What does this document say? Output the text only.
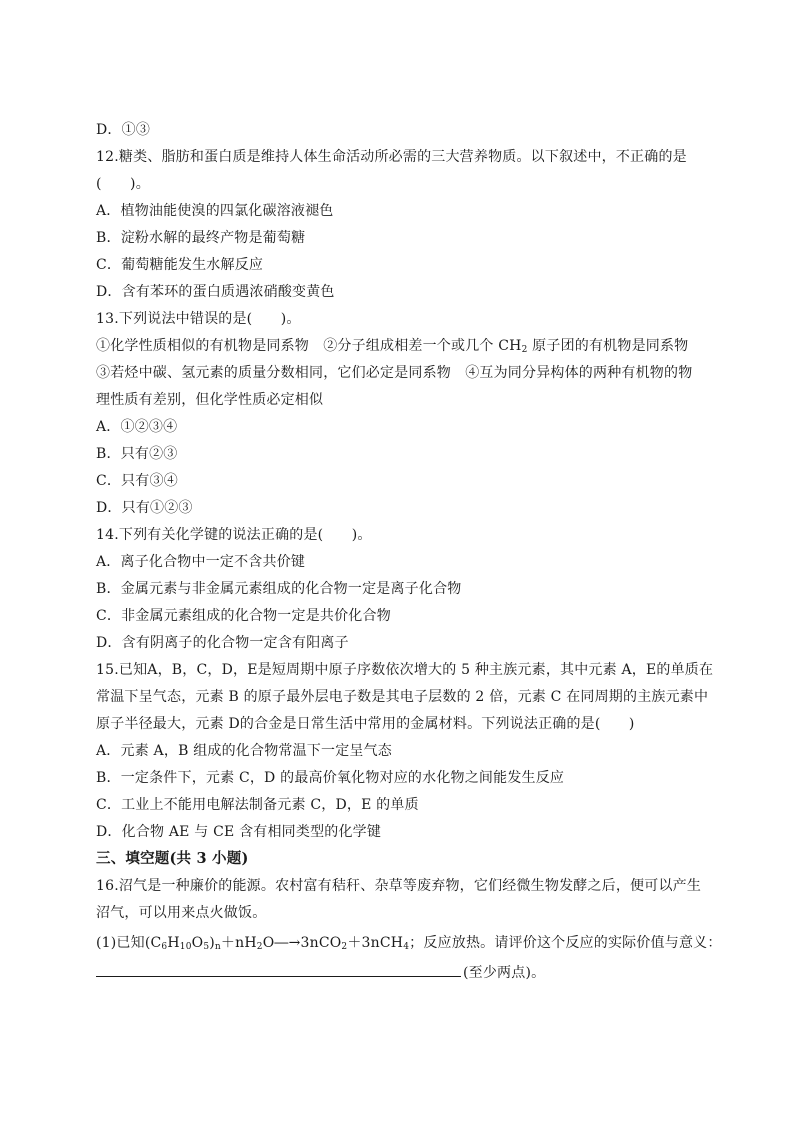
D．①③
12.糖类、脂肪和蛋白质是维持人体生命活动所必需的三大营养物质。以下叙述中，不正确的是
(　　)。
A．植物油能使溴的四氯化碳溶液褪色
B．淀粉水解的最终产物是葡萄糖
C．葡萄糖能发生水解反应
D．含有苯环的蛋白质遇浓硝酸变黄色
13.下列说法中错误的是(　　)。
①化学性质相似的有机物是同系物　②分子组成相差一个或几个 $CH_2$ 原子团的有机物是同系物
③若烃中碳、氢元素的质量分数相同，它们必定是同系物　④互为同分异构体的两种有机物的物
理性质有差别，但化学性质必定相似
A．①②③④
B．只有②③
C．只有③④
D．只有①②③
14.下列有关化学键的说法正确的是(　　)。
A．离子化合物中一定不含共价键
B．金属元素与非金属元素组成的化合物一定是离子化合物
C．非金属元素组成的化合物一定是共价化合物
D．含有阴离子的化合物一定含有阳离子
15.已知A，B，C，D，E是短周期中原子序数依次增大的 5 种主族元素，其中元素 A，E的单质在
常温下呈气态，元素 B 的原子最外层电子数是其电子层数的 2 倍，元素 C 在同周期的主族元素中
原子半径最大，元素 D的合金是日常生活中常用的金属材料。下列说法正确的是(　　)
A．元素 A，B 组成的化合物常温下一定呈气态
B．一定条件下，元素 C，D 的最高价氧化物对应的水化物之间能发生反应
C．工业上不能用电解法制备元素 C，D，E 的单质
D．化合物 AE 与 CE 含有相同类型的化学键
三、填空题(共 3 小题)
16.沼气是一种廉价的能源。农村富有秸秆、杂草等废弃物，它们经微生物发酵之后，便可以产生
沼气，可以用来点火做饭。
(1)已知$(C_6H_{10}O_5)_n+nH_2O―\to 3nCO_2+3nCH_4$；反应放热。请评价这个反应的实际价值与意义：
(至少两点)。
